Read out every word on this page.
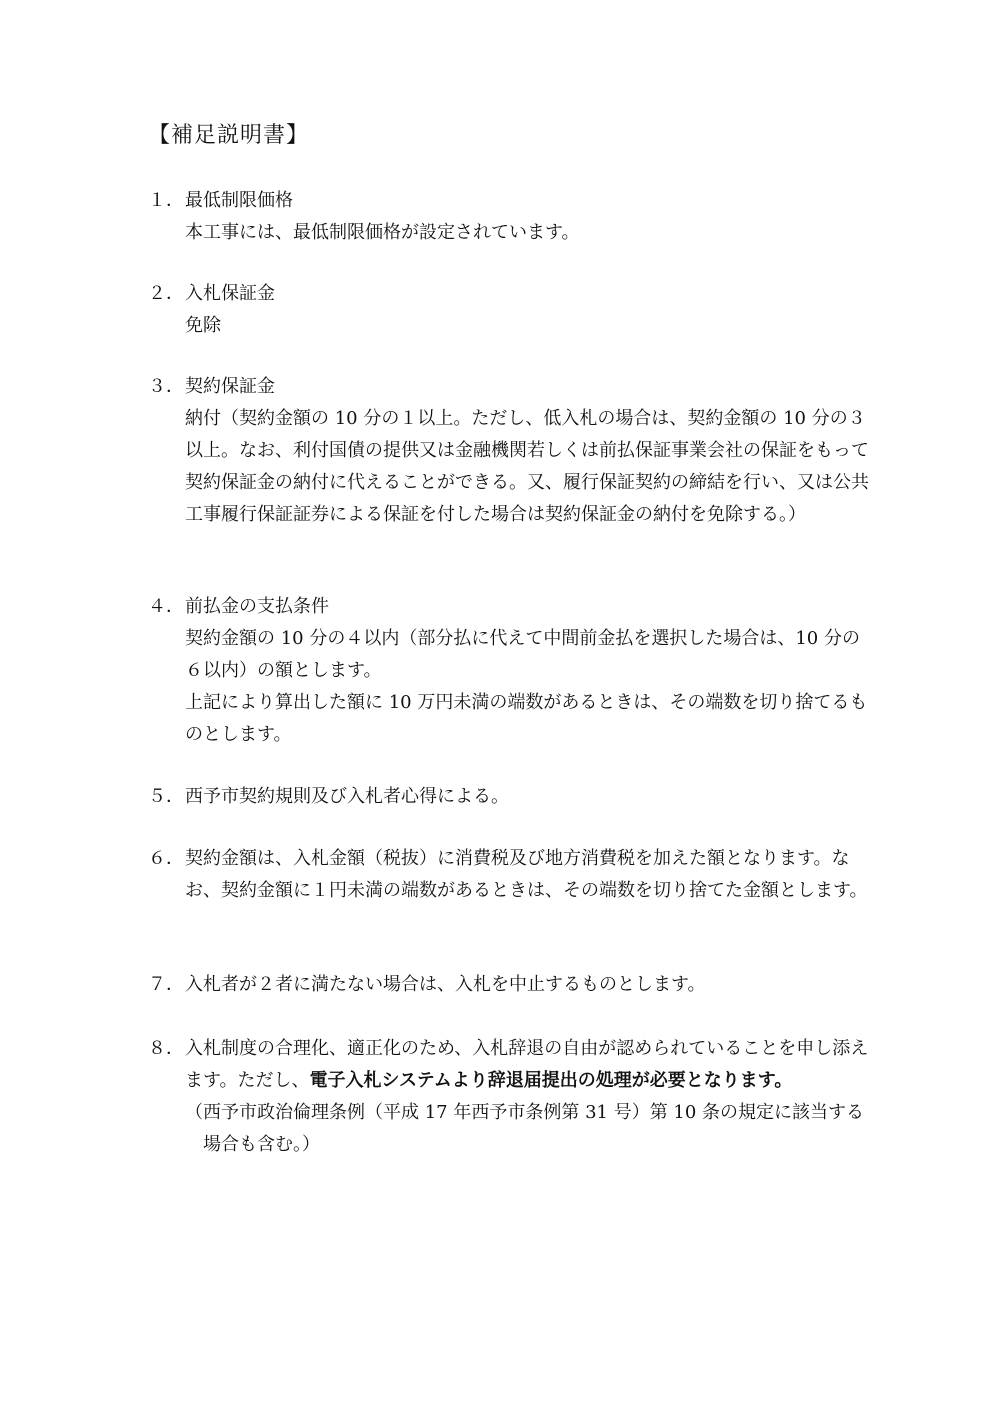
【補足説明書】
１． 最低制限価格

本工事には、最低制限価格が設定されています。

２． 入札保証金

免除

３． 契約保証金

納付（契約金額の 10 分の１以上。ただし、低入札の場合は、契約金額の 10 分の３以上。なお、利付国債の提供又は金融機関若しくは前払保証事業会社の保証をもって契約保証金の納付に代えることができる。又、履行保証契約の締結を行い、又は公共工事履行保証証券による保証を付した場合は契約保証金の納付を免除する。）

４． 前払金の支払条件

契約金額の 10 分の４以内（部分払に代えて中間前金払を選択した場合は、10 分の６以内）の額とします。

上記により算出した額に 10 万円未満の端数があるときは、その端数を切り捨てるものとします。

５．西予市契約規則及び入札者心得による。
６．契約金額は、入札金額（税抜）に消費税及び地方消費税を加えた額となります。なお、契約金額に１円未満の端数があるときは、その端数を切り捨てた金額とします。
７．入札者が２者に満たない場合は、入札を中止するものとします。
８．入札制度の合理化、適正化のため、入札辞退の自由が認められていることを申し添えます。ただし、電子入札システムより辞退届提出の処理が必要となります。

（西予市政治倫理条例（平成 17 年西予市条例第 31 号）第 10 条の規定に該当する場合も含む。）
